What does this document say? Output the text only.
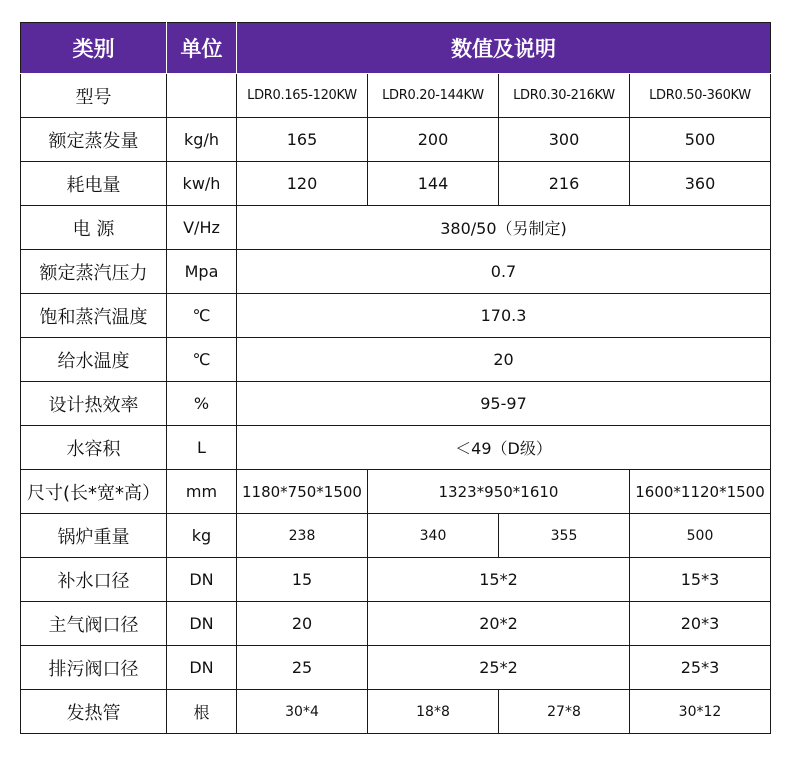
类别	单位	数值及说明			
型号		LDR0.165-120KW	LDR0.20-144KW	LDR0.30-216KW	LDR0.50-360KW
额定蒸发量	kg/h	165	200	300	500
耗电量	kw/h	120	144	216	360
电 源	V/Hz	380/50（另制定)			
额定蒸汽压力	Mpa	0.7			
饱和蒸汽温度	℃	170.3			
给水温度	℃	20			
设计热效率	%	95-97			
水容积	L	＜49（D级）			
尺寸(长*宽*高）	mm	1180*750*1500	1323*950*1610		1600*1120*1500
锅炉重量	kg	238	340	355	500
补水口径	DN	15	15*2		15*3
主气阀口径	DN	20	20*2		20*3
排污阀口径	DN	25	25*2		25*3
发热管	根	30*4	18*8	27*8	30*12
